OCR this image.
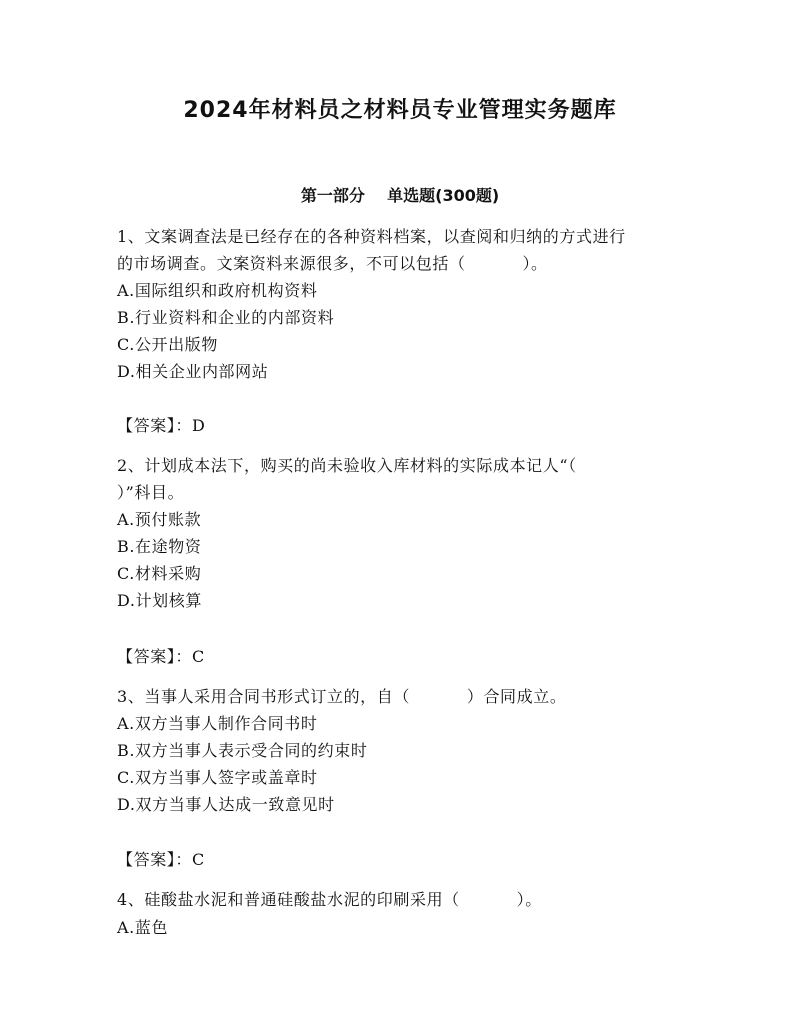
2024年材料员之材料员专业管理实务题库
第一部分    单选题(300题)
1、文案调查法是已经存在的各种资料档案，以查阅和归纳的方式进行
的市场调查。文案资料来源很多，不可以包括（          ）。
A.国际组织和政府机构资料
B.行业资料和企业的内部资料
C.公开出版物
D.相关企业内部网站
【答案】：D
2、计划成本法下，购买的尚未验收入库材料的实际成本记人“（
）”科目。
A.预付账款
B.在途物资
C.材料采购
D.计划核算
【答案】：C
3、当事人采用合同书形式订立的，自（          ）合同成立。
A.双方当事人制作合同书时
B.双方当事人表示受合同的约束时
C.双方当事人签字或盖章时
D.双方当事人达成一致意见时
【答案】：C
4、硅酸盐水泥和普通硅酸盐水泥的印刷采用（          ）。
A.蓝色
